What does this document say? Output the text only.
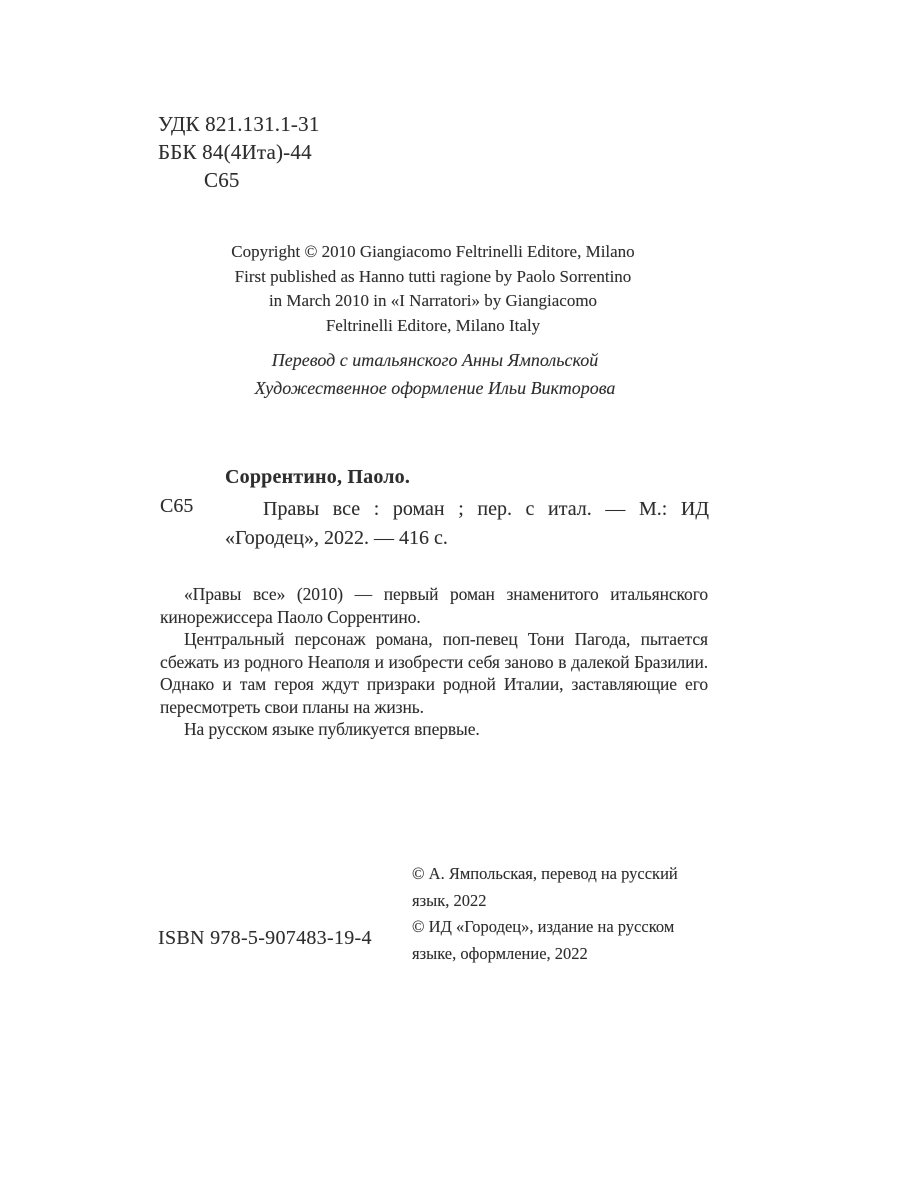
УДК 821.131.1-31
ББК 84(4Ита)-44
С65
Copyright © 2010 Giangiacomo Feltrinelli Editore, Milano
First published as Hanno tutti ragione by Paolo Sorrentino
in March 2010 in «I Narratori» by Giangiacomo
Feltrinelli Editore, Milano Italy
Перевод с итальянского Анны Ямпольской
Художественное оформление Ильи Викторова
Соррентино, Паоло.
С65	Правы все : роман ; пер. с итал. — М.: ИД «Городец», 2022. — 416 с.

«Правы все» (2010) — первый роман знаменитого итальянского кинорежиссера Паоло Соррентино.

Центральный персонаж романа, поп-певец Тони Пагода, пытается сбежать из родного Неаполя и изобрести себя заново в далекой Бразилии. Однако и там героя ждут призраки родной Италии, заставляющие его пересмотреть свои планы на жизнь.

На русском языке публикуется впервые.

© А. Ямпольская, перевод на русский язык, 2022
© ИД «Городец», издание на русском языке, оформление, 2022
ISBN 978-5-907483-19-4
